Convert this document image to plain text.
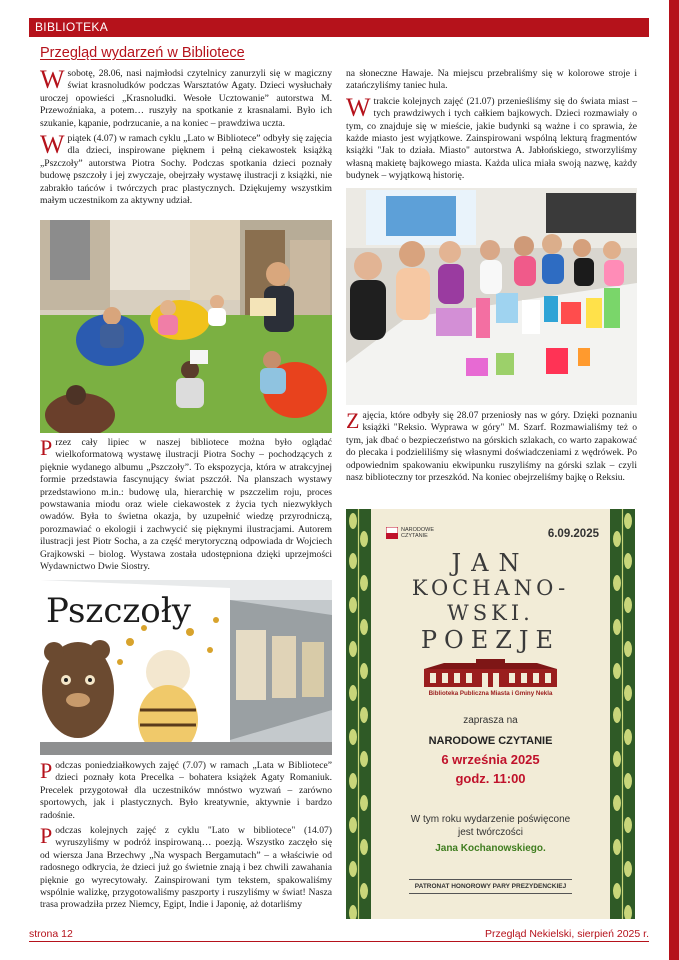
BIBLIOTEKA
Przegląd wydarzeń w Bibliotece

Wsobotę, 28.06, nasi najmłodsi czytelnicy zanurzyli się w magiczny świat krasnoludków podczas Warsztatów Agaty. Dzieci wysłuchały uroczej opowieści „Krasnoludki. Wesołe Ucztowanie” autorstwa M. Przewoźniaka, a potem… ruszyły na spotkanie z krasnalami. Było ich szukanie, kąpanie, podrzucanie, a na koniec – prawdziwa uczta.

Wpiątek (4.07) w ramach cyklu „Lato w Bibliotece” odbyły się zajęcia dla dzieci, inspirowane pięknem i pełną ciekawostek książką „Pszczoły” autorstwa Piotra Sochy. Podczas spotkania dzieci poznały budowę pszczoły i jej zwyczaje, obejrzały wystawę ilustracji z książki, nie zabrakło tańców i twórczych prac plastycznych. Dziękujemy wszystkim małym uczestnikom za aktywny udział.

Przez cały lipiec w naszej bibliotece można było oglądać wielkoformatową wystawę ilustracji Piotra Sochy – pochodzących z pięknie wydanego albumu „Pszczoły”. To ekspozycja, która w atrakcyjnej formie przedstawia fascynujący świat pszczół. Na planszach wystawy przedstawiono m.in.: budowę ula, hierarchię w pszczelim roju, proces powstawania miodu oraz wiele ciekawostek z życia tych niezwykłych owadów. Była to świetna okazja, by uzupełnić wiedzę przyrodniczą, porozmawiać o ekologii i zachwycić się pięknymi ilustracjami. Autorem ilustracji jest Piotr Socha, a za część merytoryczną odpowiada dr Wojciech Grajkowski – biolog. Wystawa została udostępniona dzięki uprzejmości Wydawnictwo Dwie Siostry.

Pszczoły

Podczas poniedziałkowych zajęć (7.07) w ramach „Lata w Bibliotece” dzieci poznały kota Precelka – bohatera książek Agaty Romaniuk. Precelek przygotował dla uczestników mnóstwo wyzwań – zarówno sportowych, jak i plastycznych. Było kreatywnie, aktywnie i bardzo radośnie.

Podczas kolejnych zajęć z cyklu "Lato w bibliotece" (14.07) wyruszyliśmy w podróż inspirowaną… poezją. Wszystko zaczęło się od wiersza Jana Brzechwy „Na wyspach Bergamutach” – a właściwie od radosnego odkrycia, że dzieci już go świetnie znają i bez chwili zawahania pięknie go wyrecytowały. Zainspirowani tym tekstem, spakowaliśmy wspólnie walizkę, przygotowaliśmy paszporty i ruszyliśmy w świat! Nasza trasa prowadziła przez Niemcy, Egipt, Indie i Japonię, aż dotarliśmy

na słoneczne Hawaje. Na miejscu przebraliśmy się w kolorowe stroje i zatańczyliśmy taniec hula.

Wtrakcie kolejnych zajęć (21.07) przenieśliśmy się do świata miast – tych prawdziwych i tych całkiem bajkowych. Dzieci rozmawiały o tym, co znajduje się w mieście, jakie budynki są ważne i co sprawia, że każde miasto jest wyjątkowe. Zainspirowani wspólną lekturą fragmentów książki "Jak to działa. Miasto" autorstwa A. Jabłońskiego, stworzyliśmy własną makietę bajkowego miasta. Każda ulica miała swoją nazwę, każdy budynek – wyjątkową historię.

Zajęcia, które odbyły się 28.07 przeniosły nas w góry. Dzięki poznaniu książki "Reksio. Wyprawa w góry" M. Szarf. Rozmawialiśmy też o tym, jak dbać o bezpieczeństwo na górskich szlakach, co warto zapakować do plecaka i podzieliliśmy się własnymi doświadczeniami z wędrówek. Po odpowiednim spakowaniu ekwipunku ruszyliśmy na górski szlak – czyli nasz biblioteczny tor przeszkód. Na koniec obejrzeliśmy bajkę o Reksiu.

NARODOWE
CZYTANIE	6.09.2025
JAN
KOCHANO-
WSKI.
POEZJE
Biblioteka Publiczna Miasta i Gminy Nekla
zaprasza na
NARODOWE CZYTANIE
6 września 2025
godz. 11:00
W tym roku wydarzenie poświęcone
jest twórczości
Jana Kochanowskiego.
PATRONAT HONOROWY PARY PREZYDENCKIEJ
strona 12	Przegląd Nekielski, sierpień 2025 r.
